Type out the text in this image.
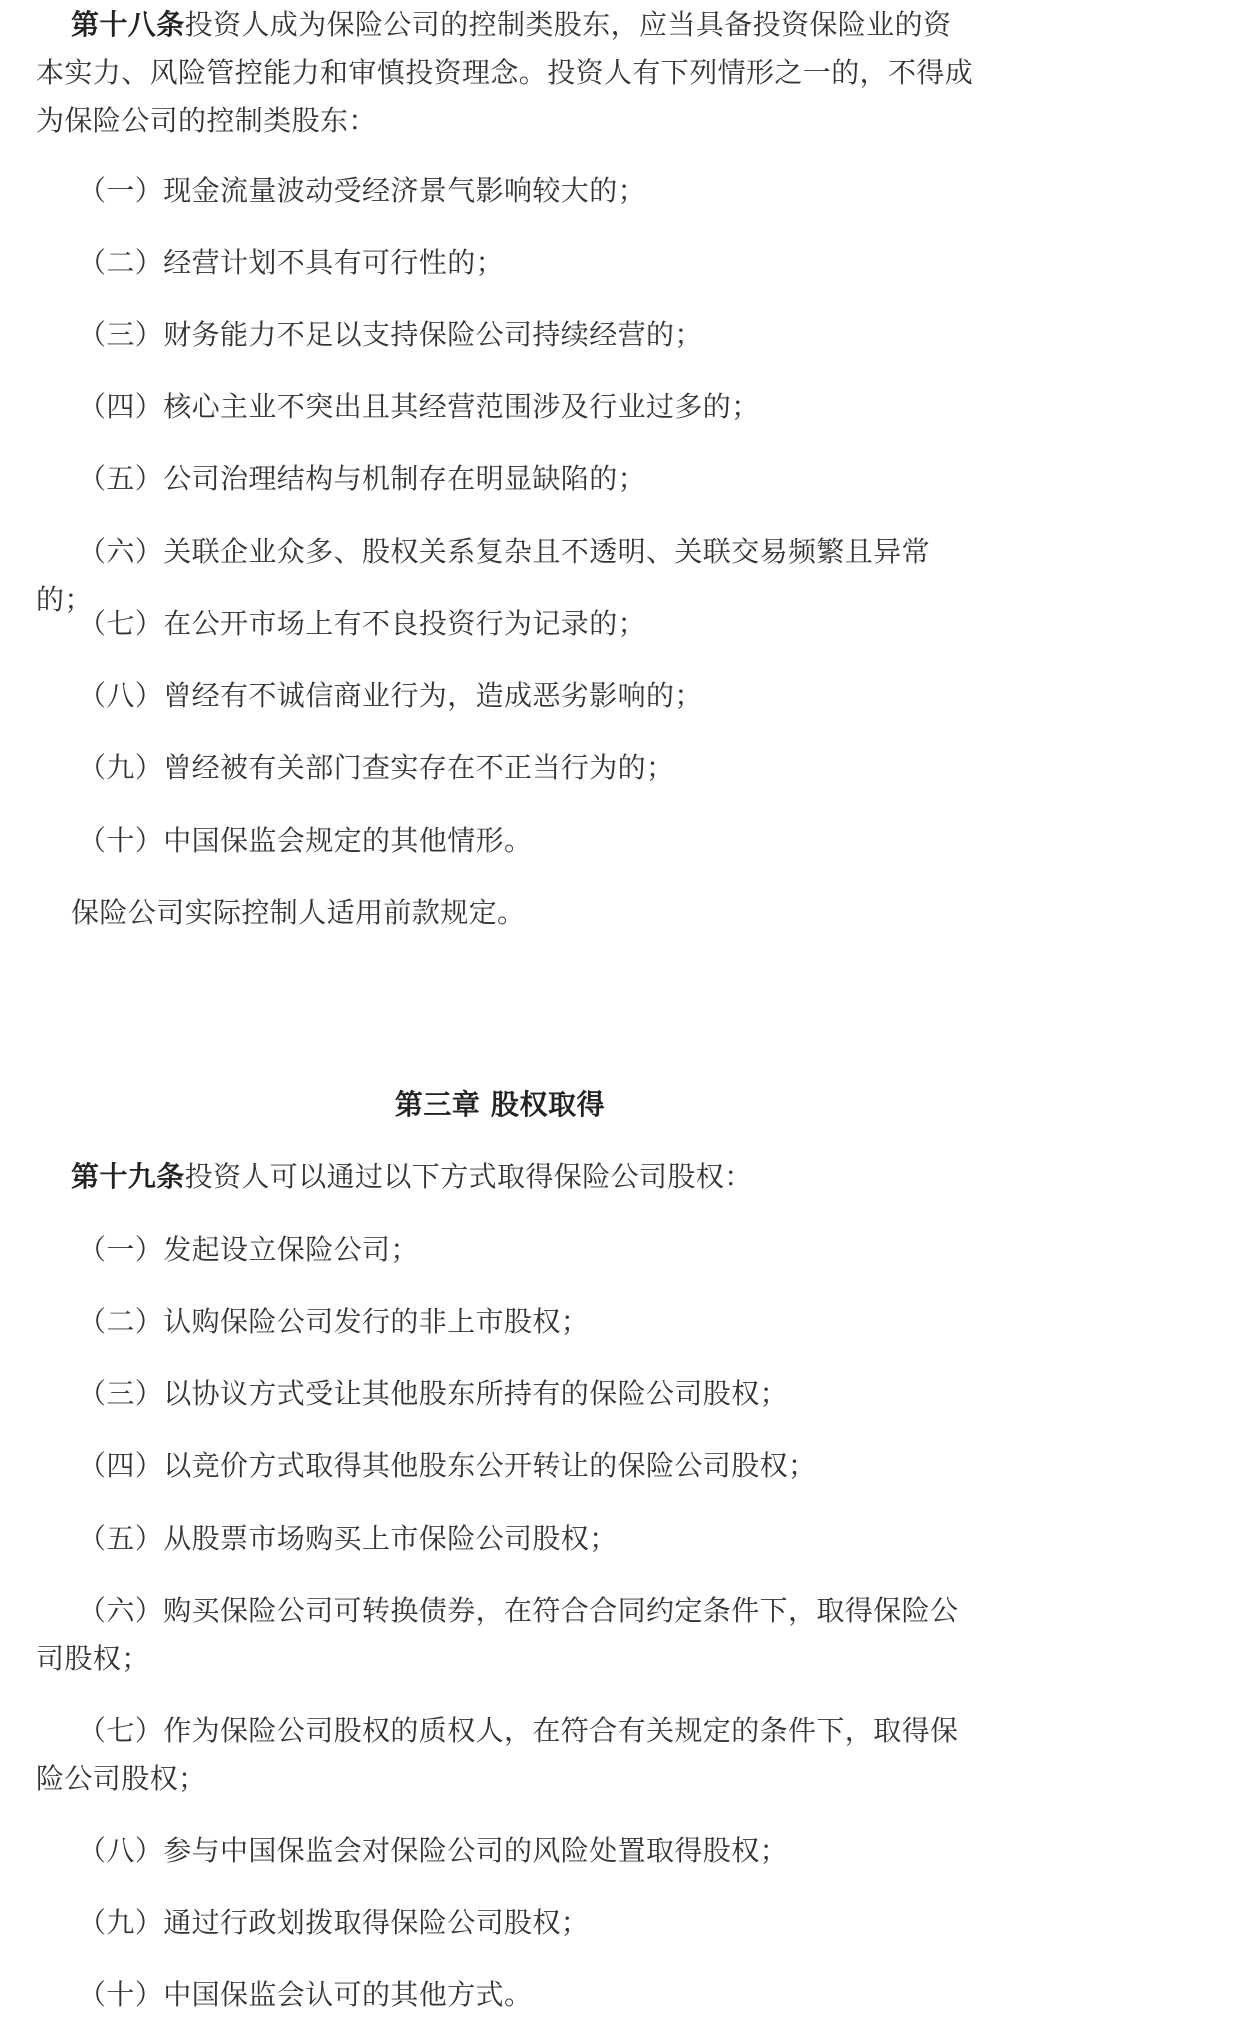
第十八条投资人成为保险公司的控制类股东，应当具备投资保险业的资本实力、风险管控能力和审慎投资理念。投资人有下列情形之一的，不得成为保险公司的控制类股东：

（一）现金流量波动受经济景气影响较大的；

（二）经营计划不具有可行性的；

（三）财务能力不足以支持保险公司持续经营的；

（四）核心主业不突出且其经营范围涉及行业过多的；

（五）公司治理结构与机制存在明显缺陷的；

（六）关联企业众多、股权关系复杂且不透明、关联交易频繁且异常的；

（七）在公开市场上有不良投资行为记录的；

（八）曾经有不诚信商业行为，造成恶劣影响的；

（九）曾经被有关部门查实存在不正当行为的；

（十）中国保监会规定的其他情形。

保险公司实际控制人适用前款规定。

第三章 股权取得

第十九条投资人可以通过以下方式取得保险公司股权：

（一）发起设立保险公司；

（二）认购保险公司发行的非上市股权；

（三）以协议方式受让其他股东所持有的保险公司股权；

（四）以竞价方式取得其他股东公开转让的保险公司股权；

（五）从股票市场购买上市保险公司股权；

（六）购买保险公司可转换债券，在符合合同约定条件下，取得保险公司股权；

（七）作为保险公司股权的质权人，在符合有关规定的条件下，取得保险公司股权；

（八）参与中国保监会对保险公司的风险处置取得股权；

（九）通过行政划拨取得保险公司股权；

（十）中国保监会认可的其他方式。
